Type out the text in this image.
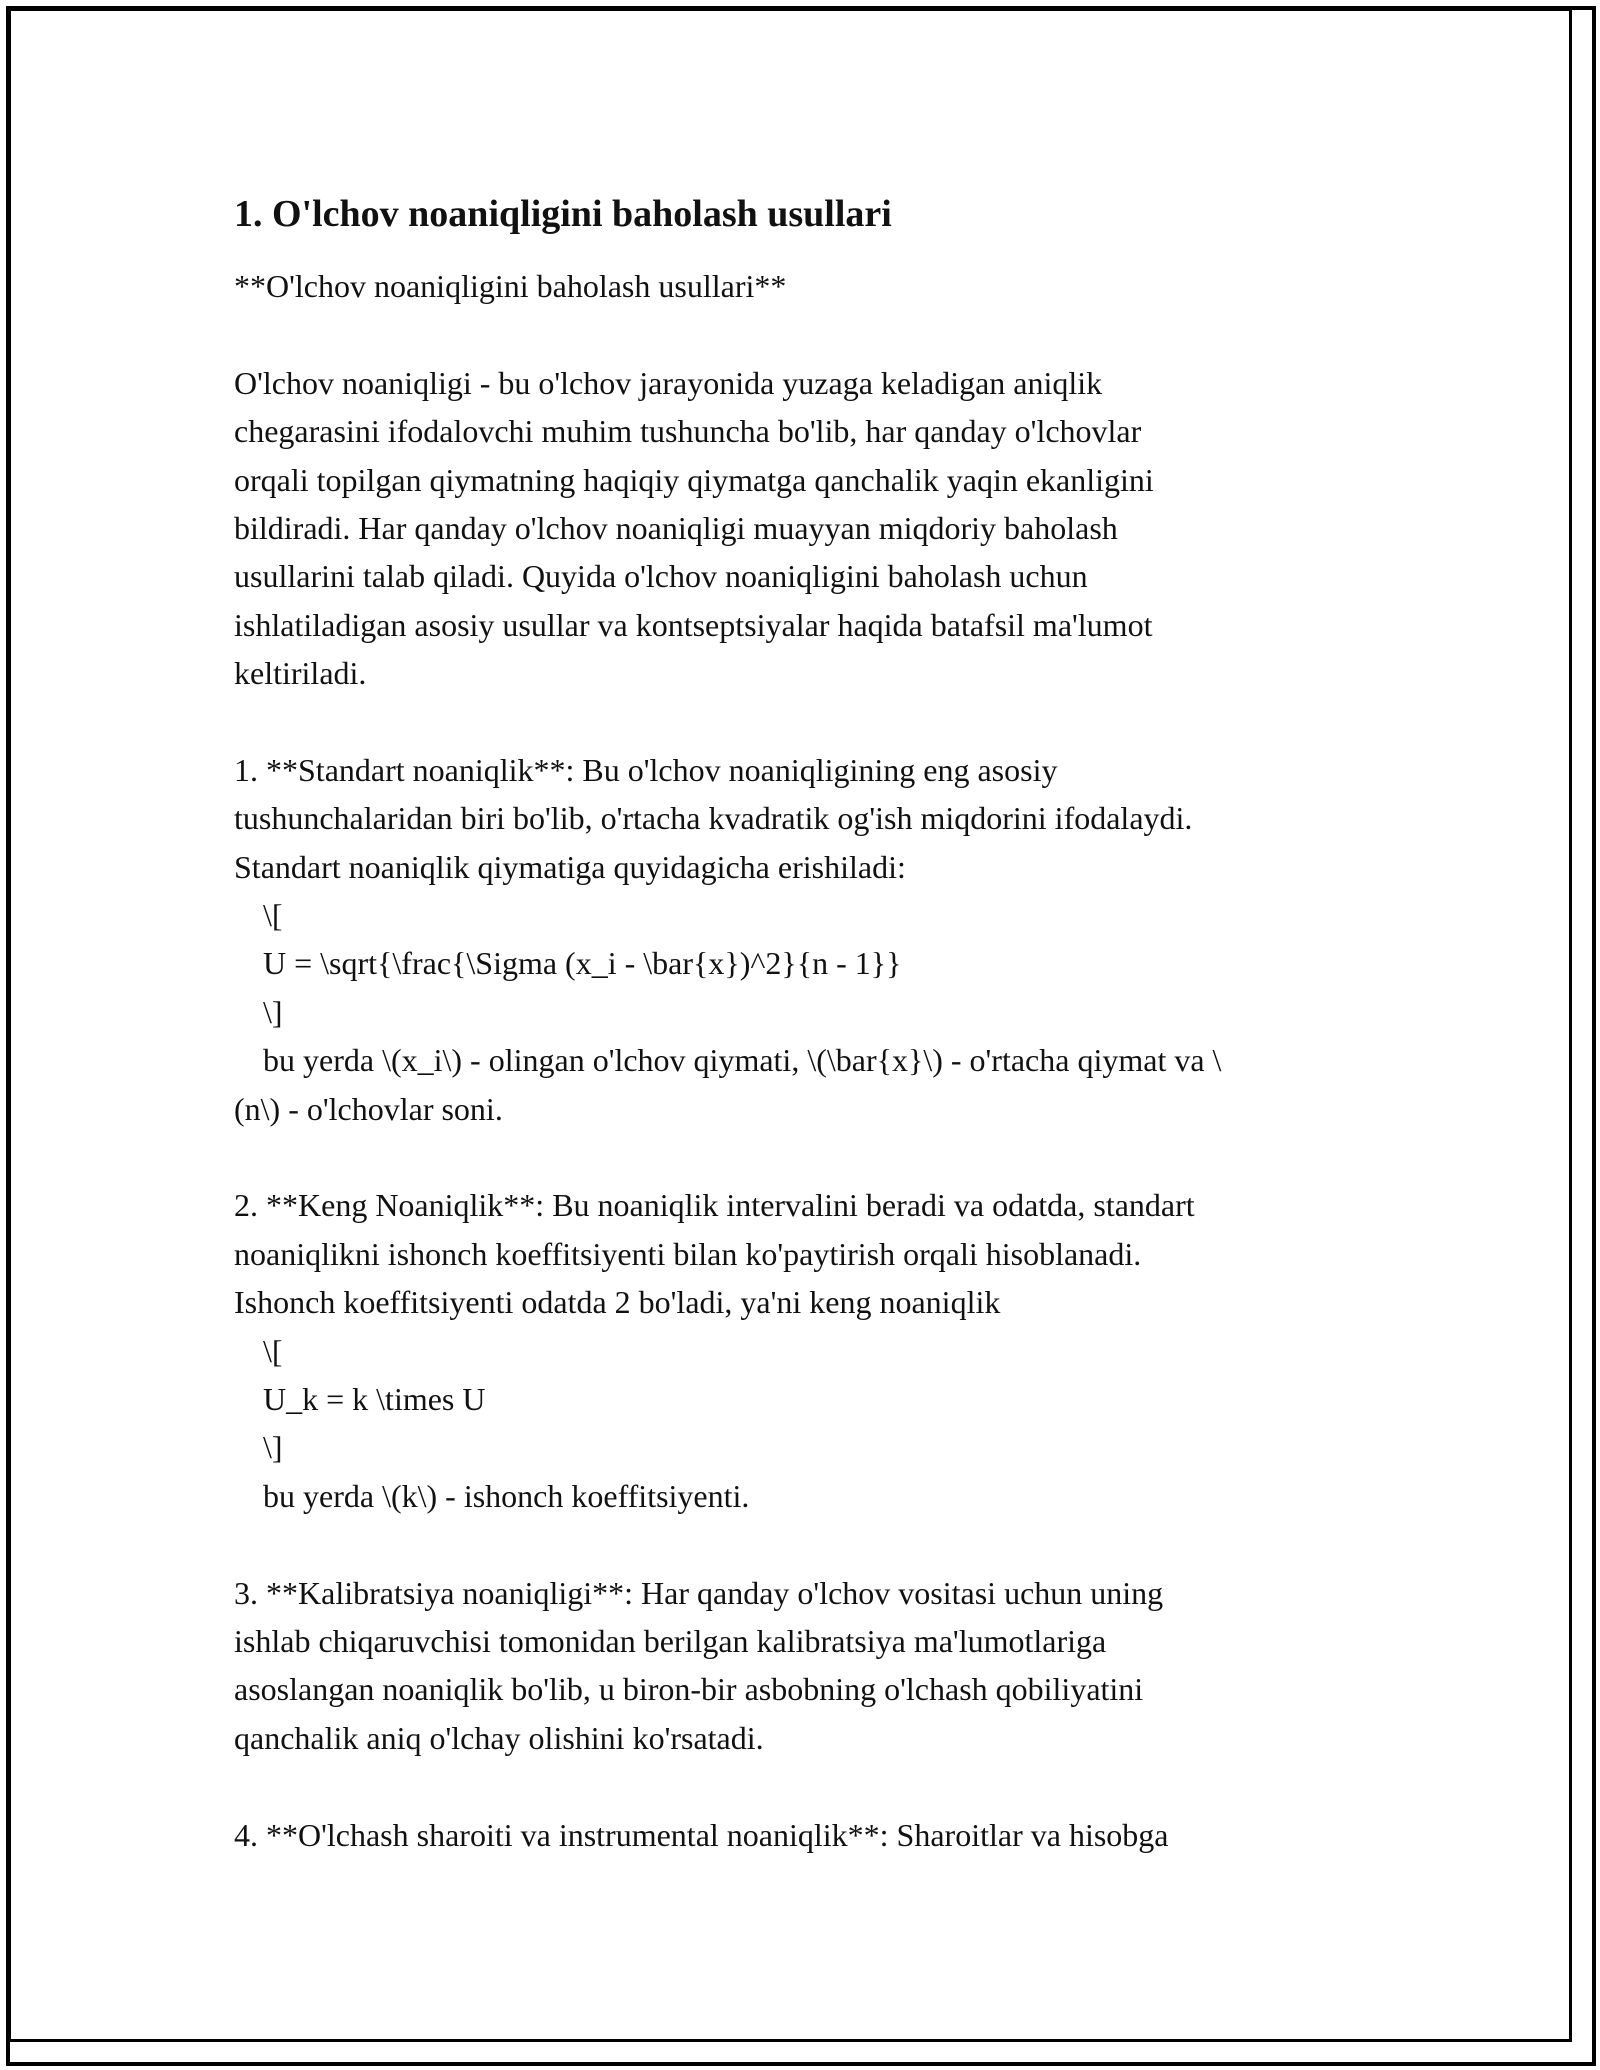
1. O'lchov noaniqligini baholash usullari

**O'lchov noaniqligini baholash usullari**

O'lchov noaniqligi - bu o'lchov jarayonida yuzaga keladigan aniqlik

chegarasini ifodalovchi muhim tushuncha bo'lib, har qanday o'lchovlar

orqali topilgan qiymatning haqiqiy qiymatga qanchalik yaqin ekanligini

bildiradi. Har qanday o'lchov noaniqligi muayyan miqdoriy baholash

usullarini talab qiladi. Quyida o'lchov noaniqligini baholash uchun

ishlatiladigan asosiy usullar va kontseptsiyalar haqida batafsil ma'lumot

keltiriladi.

1. **Standart noaniqlik**: Bu o'lchov noaniqligining eng asosiy

tushunchalaridan biri bo'lib, o'rtacha kvadratik og'ish miqdorini ifodalaydi.

Standart noaniqlik qiymatiga quyidagicha erishiladi:

\[

U = \sqrt{\frac{\Sigma (x_i - \bar{x})^2}{n - 1}}

\]

bu yerda \(x_i\) - olingan o'lchov qiymati, \(\bar{x}\) - o'rtacha qiymat va \

(n\) - o'lchovlar soni.

2. **Keng Noaniqlik**: Bu noaniqlik intervalini beradi va odatda, standart

noaniqlikni ishonch koeffitsiyenti bilan ko'paytirish orqali hisoblanadi.

Ishonch koeffitsiyenti odatda 2 bo'ladi, ya'ni keng noaniqlik

\[

U_k = k \times U

\]

bu yerda \(k\) - ishonch koeffitsiyenti.

3. **Kalibratsiya noaniqligi**: Har qanday o'lchov vositasi uchun uning

ishlab chiqaruvchisi tomonidan berilgan kalibratsiya ma'lumotlariga

asoslangan noaniqlik bo'lib, u biron-bir asbobning o'lchash qobiliyatini

qanchalik aniq o'lchay olishini ko'rsatadi.

4. **O'lchash sharoiti va instrumental noaniqlik**: Sharoitlar va hisobga
